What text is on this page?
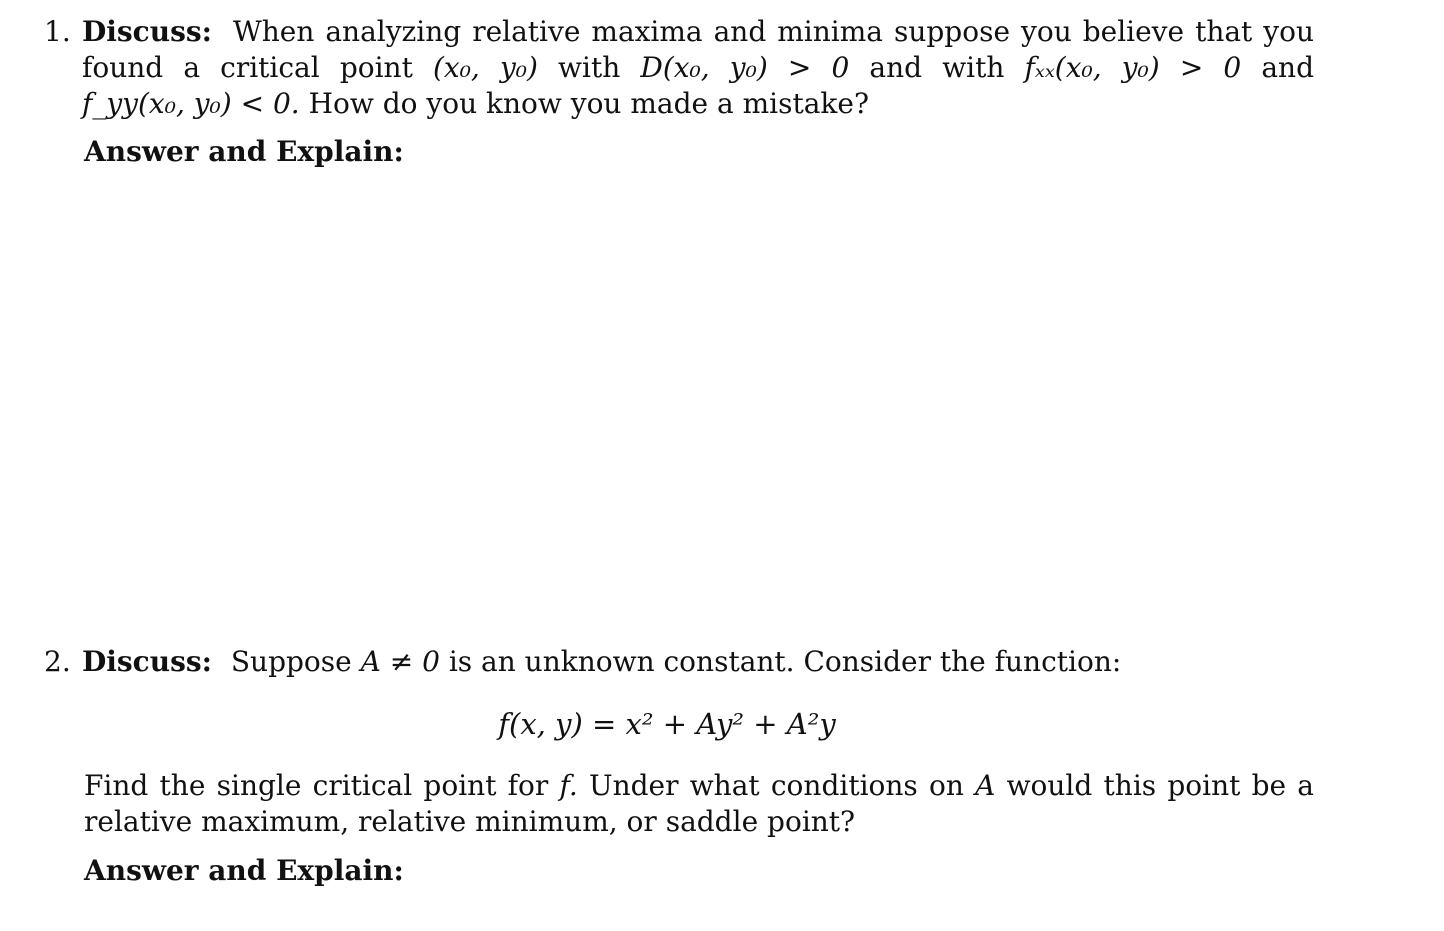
1. Discuss: When analyzing relative maxima and minima suppose you believe that you found a critical point (x₀, y₀) with D(x₀, y₀) > 0 and with fₓₓ(x₀, y₀) > 0 and f_yy(x₀, y₀) < 0. How do you know you made a mistake?
Answer and Explain:
2. Discuss: Suppose A ≠ 0 is an unknown constant. Consider the function:
f(x, y) = x² + Ay² + A²y
Find the single critical point for f. Under what conditions on A would this point be a relative maximum, relative minimum, or saddle point?
Answer and Explain:
